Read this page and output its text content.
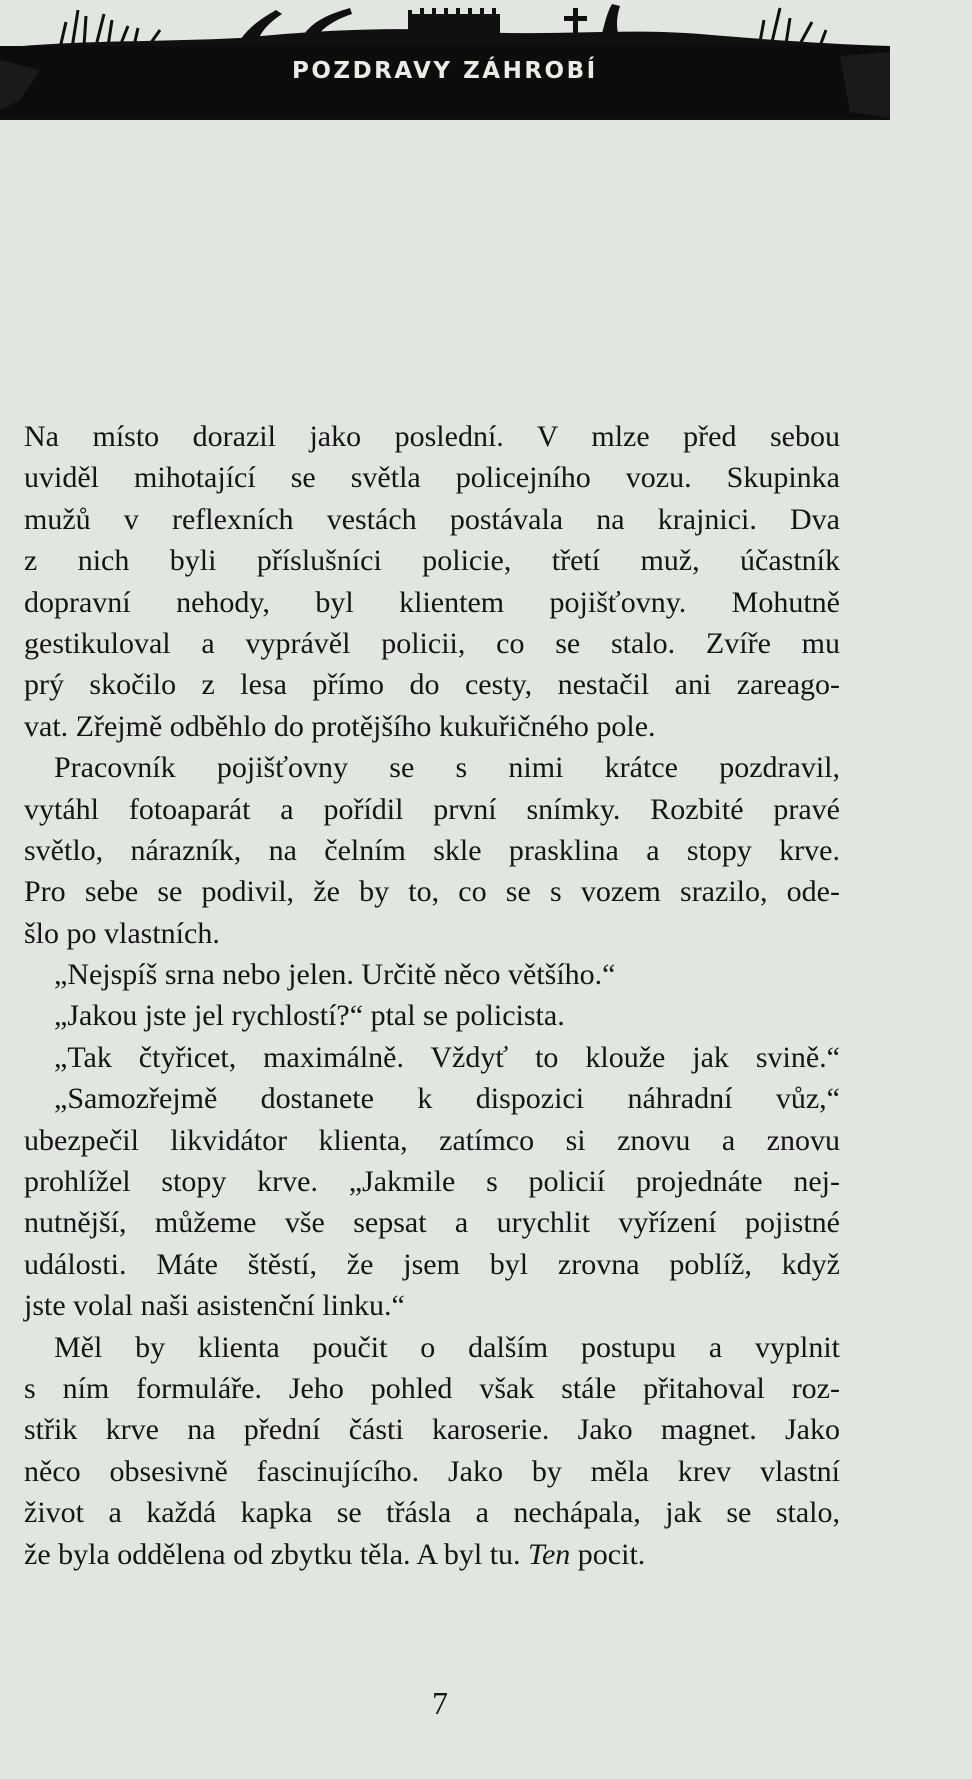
POZDRAVY ZÁHROBÍ
Na místo dorazil jako poslední. V mlze před sebou
uviděl mihotající se světla policejního vozu. Skupinka
mužů v reflexních vestách postávala na krajnici. Dva
z nich byli příslušníci policie, třetí muž, účastník
dopravní nehody, byl klientem pojišťovny. Mohutně
gestikuloval a vyprávěl policii, co se stalo. Zvíře mu
prý skočilo z lesa přímo do cesty, nestačil ani zareago-
vat. Zřejmě odběhlo do protějšího kukuřičného pole.
Pracovník pojišťovny se s nimi krátce pozdravil,
vytáhl fotoaparát a pořídil první snímky. Rozbité pravé
světlo, nárazník, na čelním skle prasklina a stopy krve.
Pro sebe se podivil, že by to, co se s vozem srazilo, ode-
šlo po vlastních.
„Nejspíš srna nebo jelen. Určitě něco většího.“
„Jakou jste jel rychlostí?“ ptal se policista.
„Tak čtyřicet, maximálně. Vždyť to klouže jak svině.“
„Samozřejmě dostanete k dispozici náhradní vůz,“
ubezpečil likvidátor klienta, zatímco si znovu a znovu
prohlížel stopy krve. „Jakmile s policií projednáte nej-
nutnější, můžeme vše sepsat a urychlit vyřízení pojistné
události. Máte štěstí, že jsem byl zrovna poblíž, když
jste volal naši asistenční linku.“
Měl by klienta poučit o dalším postupu a vyplnit
s ním formuláře. Jeho pohled však stále přitahoval roz-
střik krve na přední části karoserie. Jako magnet. Jako
něco obsesivně fascinujícího. Jako by měla krev vlastní
život a každá kapka se třásla a nechápala, jak se stalo,
že byla oddělena od zbytku těla. A byl tu. Ten pocit.
7
